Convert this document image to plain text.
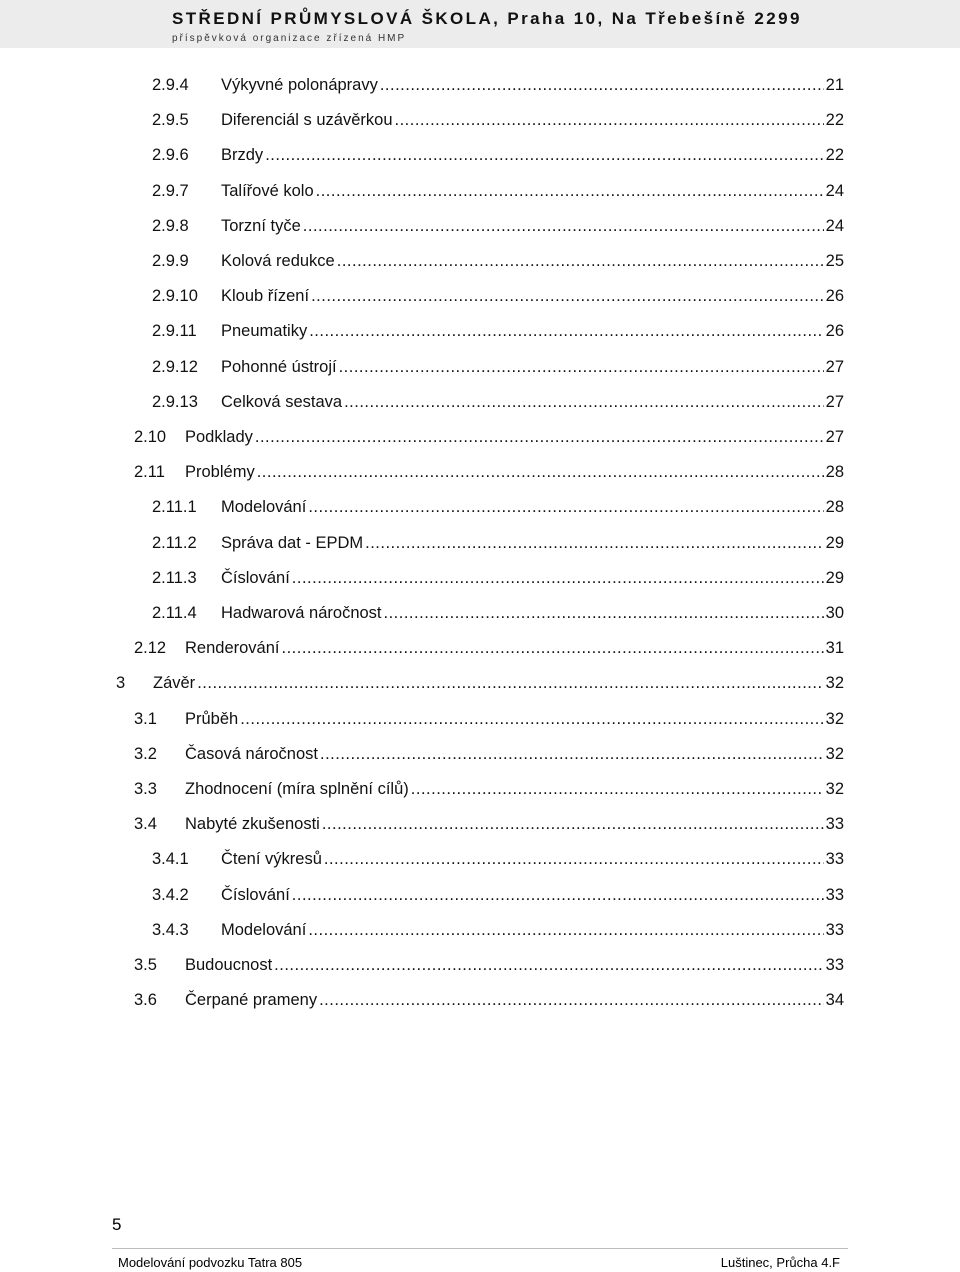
STŘEDNÍ PRŮMYSLOVÁ ŠKOLA, Praha 10, Na Třebešíně 2299
příspěvková organizace zřízená HMP
2.9.4	Výkyvné polonápravy .....	21
2.9.5	Diferenciál s uzávěrkou .....	22
2.9.6	Brzdy .....	22
2.9.7	Talířové kolo .....	24
2.9.8	Torzní tyče .....	24
2.9.9	Kolová redukce .....	25
2.9.10	Kloub řízení .....	26
2.9.11	Pneumatiky .....	26
2.9.12	Pohonné ústrojí .....	27
2.9.13	Celková sestava .....	27
2.10	Podklady .....	27
2.11	Problémy .....	28
2.11.1	Modelování .....	28
2.11.2	Správa dat - EPDM .....	29
2.11.3	Číslování .....	29
2.11.4	Hadwarová náročnost .....	30
2.12	Renderování .....	31
3	Závěr .....	32
3.1	Průběh .....	32
3.2	Časová náročnost .....	32
3.3	Zhodnocení (míra splnění cílů) .....	32
3.4	Nabyté zkušenosti .....	33
3.4.1	Čtení výkresů .....	33
3.4.2	Číslování .....	33
3.4.3	Modelování .....	33
3.5	Budoucnost .....	33
3.6	Čerpané prameny .....	34
5
Modelování podvozku Tatra 805	Luštinec, Průcha 4.F
